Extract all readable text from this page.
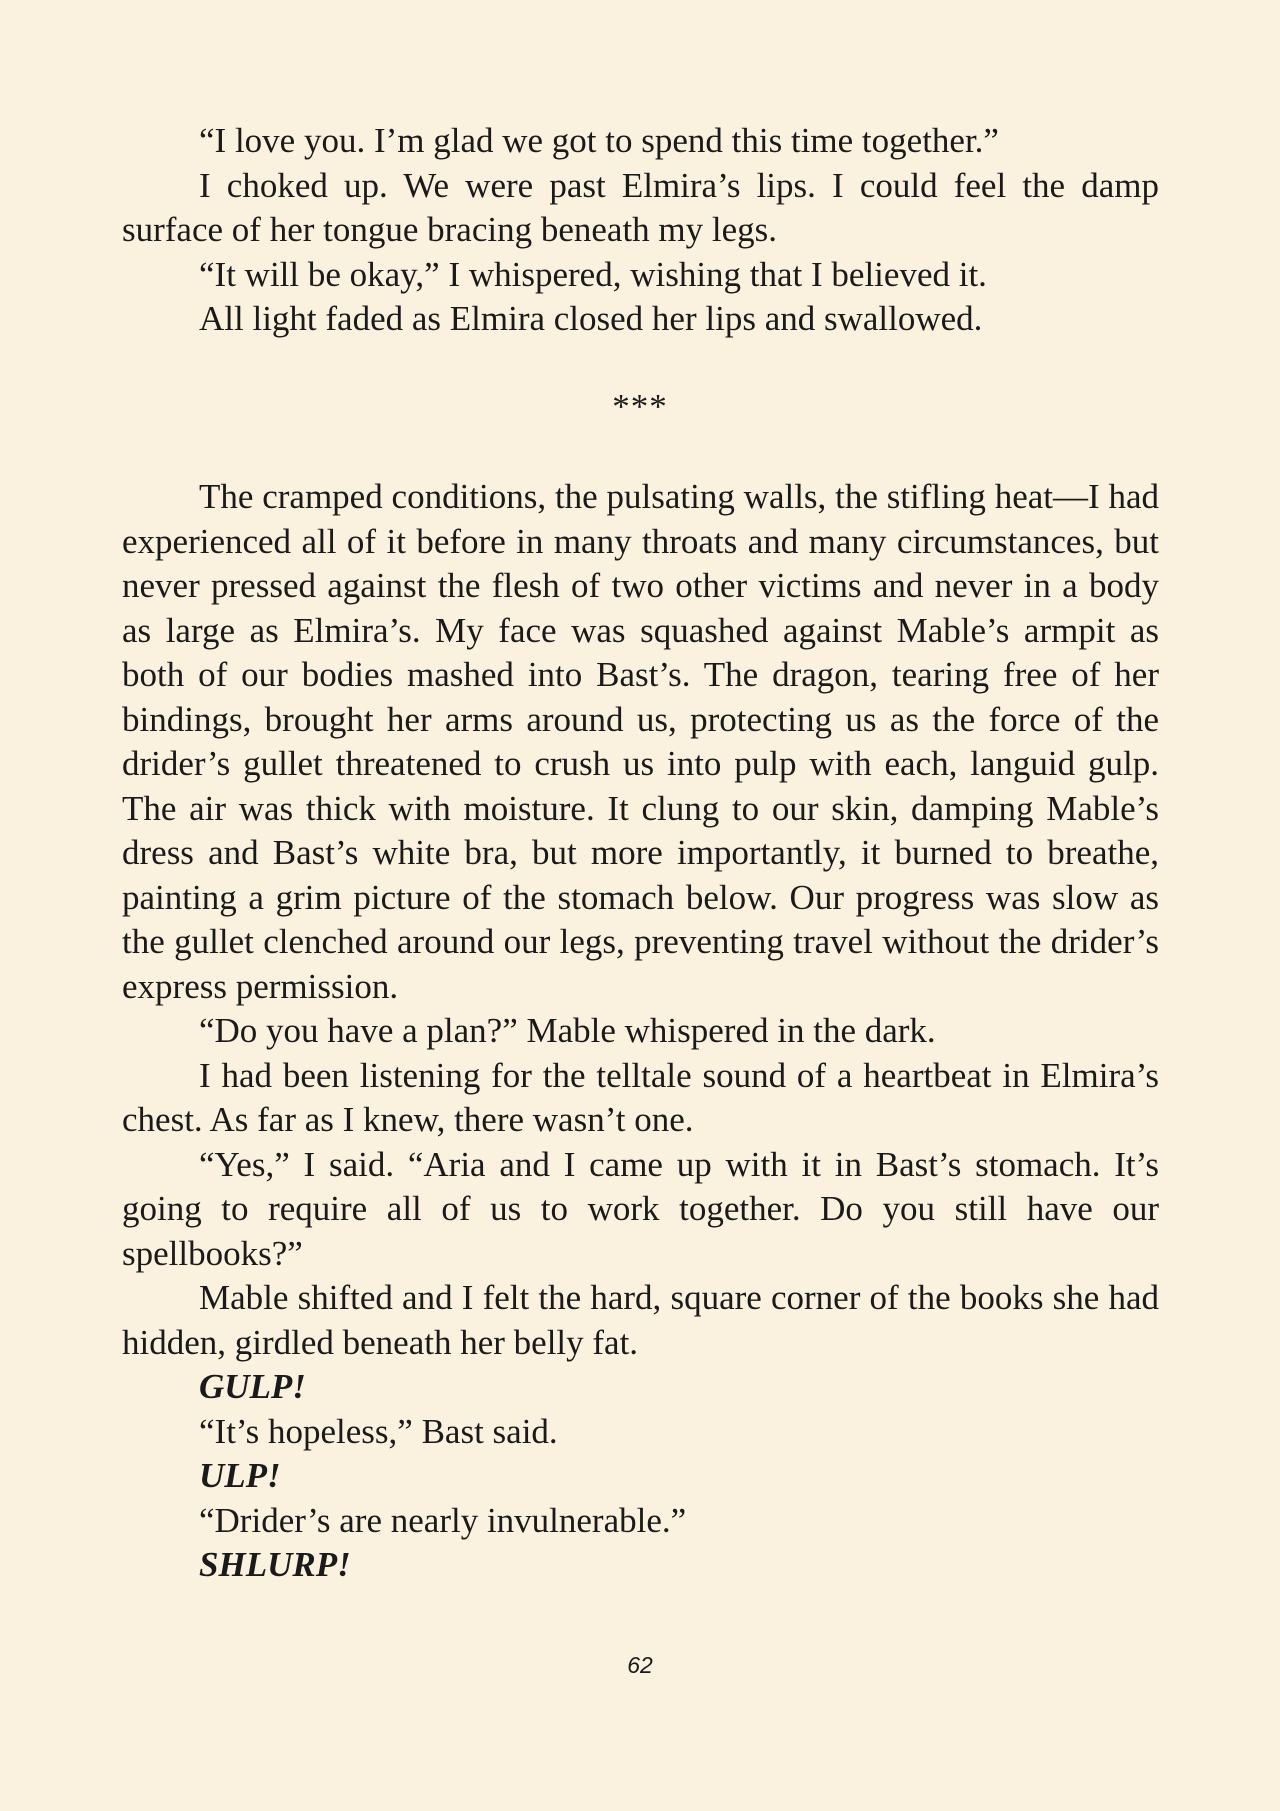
“I love you. I’m glad we got to spend this time together.”

I choked up. We were past Elmira’s lips. I could feel the damp surface of her tongue bracing beneath my legs.

“It will be okay,” I whispered, wishing that I believed it.

All light faded as Elmira closed her lips and swallowed.

***

The cramped conditions, the pulsating walls, the stifling heat—I had experienced all of it before in many throats and many circumstances, but never pressed against the flesh of two other victims and never in a body as large as Elmira’s. My face was squashed against Mable’s armpit as both of our bodies mashed into Bast’s. The dragon, tearing free of her bindings, brought her arms around us, protecting us as the force of the drider’s gullet threatened to crush us into pulp with each, languid gulp. The air was thick with moisture. It clung to our skin, damping Mable’s dress and Bast’s white bra, but more importantly, it burned to breathe, painting a grim picture of the stomach below. Our progress was slow as the gullet clenched around our legs, preventing travel without the drider’s express permission.

“Do you have a plan?” Mable whispered in the dark.

I had been listening for the telltale sound of a heartbeat in Elmira’s chest. As far as I knew, there wasn’t one.

“Yes,” I said. “Aria and I came up with it in Bast’s stomach. It’s going to require all of us to work together. Do you still have our spellbooks?”

Mable shifted and I felt the hard, square corner of the books she had hidden, girdled beneath her belly fat.

GULP!

“It’s hopeless,” Bast said.

ULP!

“Drider’s are nearly invulnerable.”

SHLURP!

62
